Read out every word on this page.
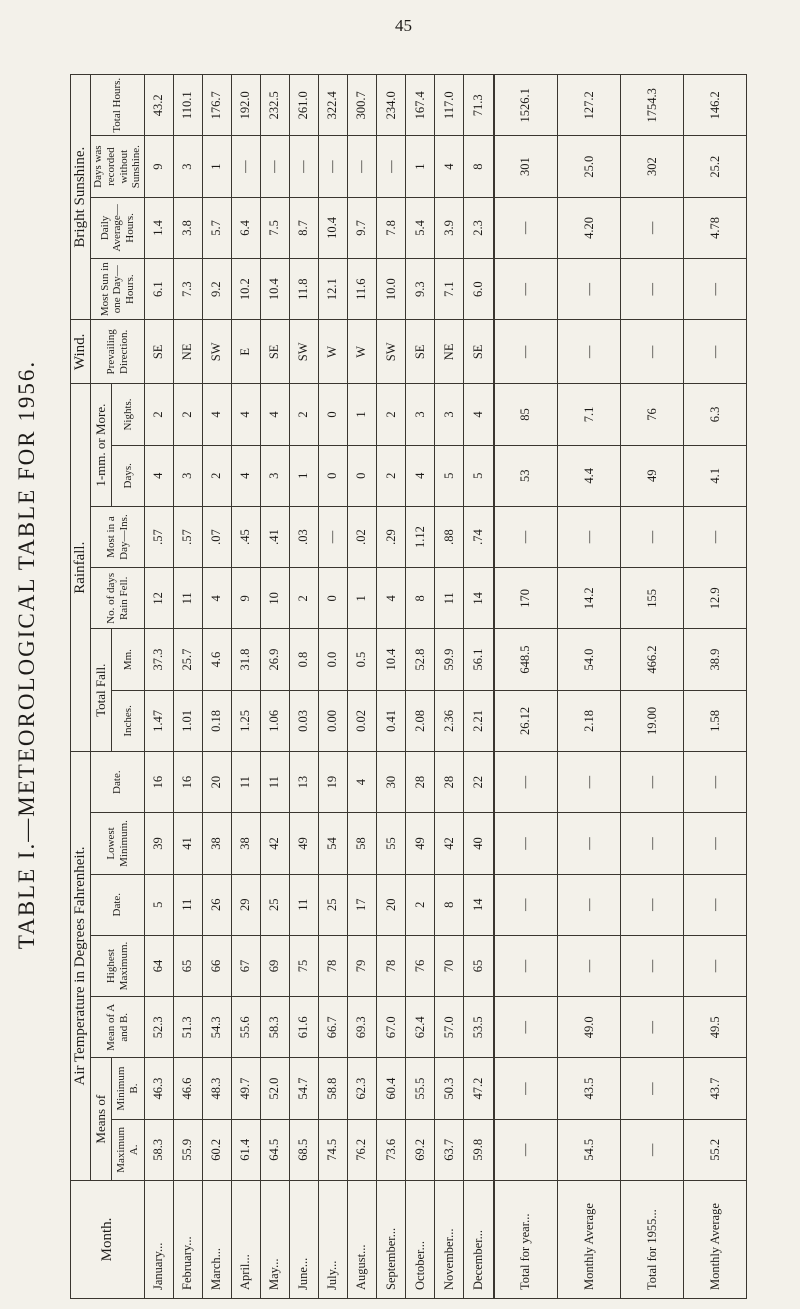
45
TABLE I.—METEOROLOGICAL TABLE FOR 1956.
Month.	Air Temperature in Degrees Fahrenheit.							Rainfall.						Wind.	Bright Sunshine.			
	Means of		Mean of A and B.	Highest Maximum.	Date.	Lowest Minimum.	Date.	Total Fall.		No. of days Rain Fell.	Most in a Day—Ins.	1-mm. or More.		Prevailing Direction.	Most Sun in one Day—Hours.	Daily Average—Hours.	Days was recorded without Sunshine.	Total Hours.
	Maximum A.	Minimum B.						Inches.	Mm.			Days.	Nights.					
January...	58.3	46.3	52.3	64	5	39	16	1.47	37.3	12	.57	4	2	SE	6.1	1.4	9	43.2
February...	55.9	46.6	51.3	65	11	41	16	1.01	25.7	11	.57	3	2	NE	7.3	3.8	3	110.1
March...	60.2	48.3	54.3	66	26	38	20	0.18	4.6	4	.07	2	4	SW	9.2	5.7	1	176.7
April...	61.4	49.7	55.6	67	29	38	11	1.25	31.8	9	.45	4	4	E	10.2	6.4	—	192.0
May...	64.5	52.0	58.3	69	25	42	11	1.06	26.9	10	.41	3	4	SE	10.4	7.5	—	232.5
June...	68.5	54.7	61.6	75	11	49	13	0.03	0.8	2	.03	1	2	SW	11.8	8.7	—	261.0
July...	74.5	58.8	66.7	78	25	54	19	0.00	0.0	0	—	0	0	W	12.1	10.4	—	322.4
August...	76.2	62.3	69.3	79	17	58	4	0.02	0.5	1	.02	0	1	W	11.6	9.7	—	300.7
September...	73.6	60.4	67.0	78	20	55	30	0.41	10.4	4	.29	2	2	SW	10.0	7.8	—	234.0
October...	69.2	55.5	62.4	76	2	49	28	2.08	52.8	8	1.12	4	3	SE	9.3	5.4	1	167.4
November...	63.7	50.3	57.0	70	8	42	28	2.36	59.9	11	.88	5	3	NE	7.1	3.9	4	117.0
December...	59.8	47.2	53.5	65	14	40	22	2.21	56.1	14	.74	5	4	SE	6.0	2.3	8	71.3
Total for year...	—	—	—	—	—	—	—	26.12	648.5	170	—	53	85	—	—	—	301	1526.1
Monthly Average	54.5	43.5	49.0	—	—	—	—	2.18	54.0	14.2	—	4.4	7.1	—	—	4.20	25.0	127.2
Total for 1955...	—	—	—	—	—	—	—	19.00	466.2	155	—	49	76	—	—	—	302	1754.3
Monthly Average	55.2	43.7	49.5	—	—	—	—	1.58	38.9	12.9	—	4.1	6.3	—	—	4.78	25.2	146.2
